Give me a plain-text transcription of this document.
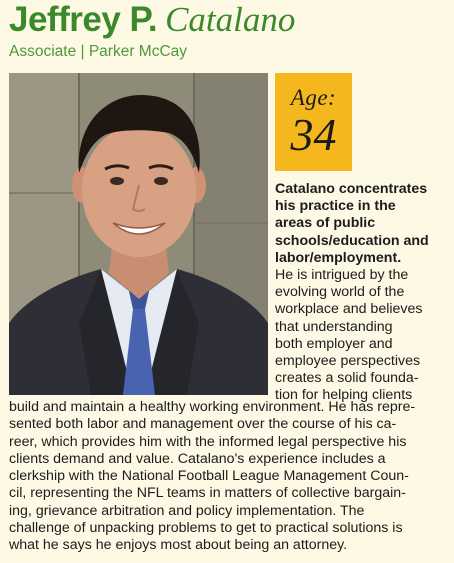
Jeffrey P. Catalano
Associate | Parker McCay
Age:
34
Catalano concentrates
his practice in the
areas of public
schools/education and
labor/employment.
He is intrigued by the
evolving world of the
workplace and believes
that understanding
both employer and
employee perspectives
creates a solid founda-
tion for helping clients
build and maintain a healthy working environment. He has repre-
sented both labor and management over the course of his ca-
reer, which provides him with the informed legal perspective his
clients demand and value. Catalano's experience includes a
clerkship with the National Football League Management Coun-
cil, representing the NFL teams in matters of collective bargain-
ing, grievance arbitration and policy implementation. The
challenge of unpacking problems to get to practical solutions is
what he says he enjoys most about being an attorney.
